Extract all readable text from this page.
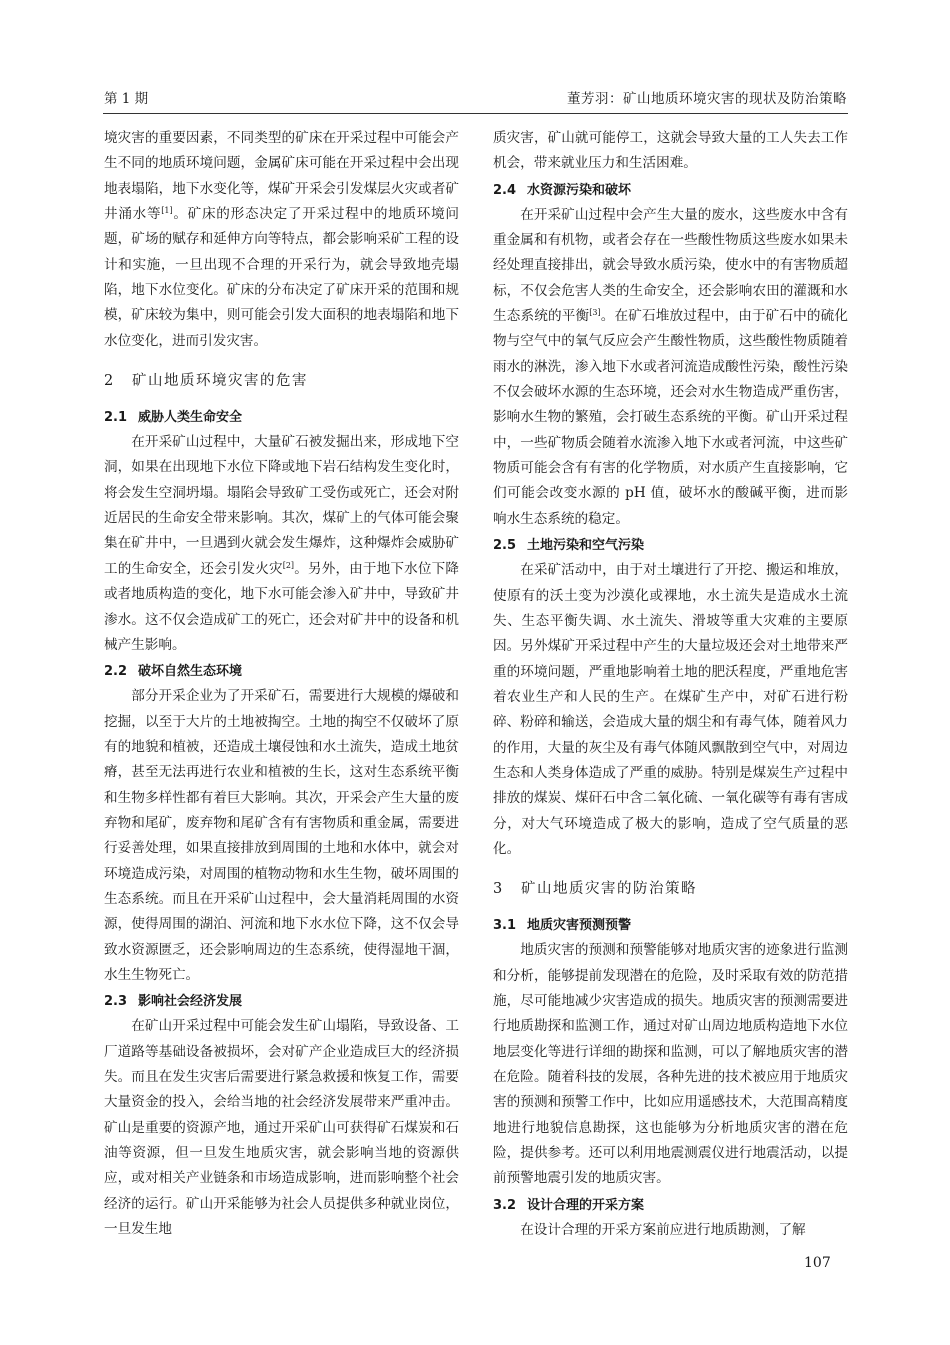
第 1 期	董芳羽：矿山地质环境灾害的现状及防治策略

境灾害的重要因素，不同类型的矿床在开采过程中可能会产生不同的地质环境问题，金属矿床可能在开采过程中会出现地表塌陷，地下水变化等，煤矿开采会引发煤层火灾或者矿井涌水等[1]。矿床的形态决定了开采过程中的地质环境问题，矿场的赋存和延伸方向等特点，都会影响采矿工程的设计和实施，一旦出现不合理的开采行为，就会导致地壳塌陷，地下水位变化。矿床的分布决定了矿床开采的范围和规模，矿床较为集中，则可能会引发大面积的地表塌陷和地下水位变化，进而引发灾害。

2 矿山地质环境灾害的危害
2.1 威胁人类生命安全

在开采矿山过程中，大量矿石被发掘出来，形成地下空洞，如果在出现地下水位下降或地下岩石结构发生变化时，将会发生空洞坍塌。塌陷会导致矿工受伤或死亡，还会对附近居民的生命安全带来影响。其次，煤矿上的气体可能会聚集在矿井中，一旦遇到火就会发生爆炸，这种爆炸会威胁矿工的生命安全，还会引发火灾[2]。另外，由于地下水位下降或者地质构造的变化，地下水可能会渗入矿井中，导致矿井渗水。这不仅会造成矿工的死亡，还会对矿井中的设备和机械产生影响。

2.2 破坏自然生态环境

部分开采企业为了开采矿石，需要进行大规模的爆破和挖掘，以至于大片的土地被掏空。土地的掏空不仅破坏了原有的地貌和植被，还造成土壤侵蚀和水土流失，造成土地贫瘠，甚至无法再进行农业和植被的生长，这对生态系统平衡和生物多样性都有着巨大影响。其次，开采会产生大量的废弃物和尾矿，废弃物和尾矿含有有害物质和重金属，需要进行妥善处理，如果直接排放到周围的土地和水体中，就会对环境造成污染，对周围的植物动物和水生生物，破坏周围的生态系统。而且在开采矿山过程中，会大量消耗周围的水资源，使得周围的湖泊、河流和地下水水位下降，这不仅会导致水资源匮乏，还会影响周边的生态系统，使得湿地干涸，水生生物死亡。

2.3 影响社会经济发展

在矿山开采过程中可能会发生矿山塌陷，导致设备、工厂道路等基础设备被损坏，会对矿产企业造成巨大的经济损失。而且在发生灾害后需要进行紧急救援和恢复工作，需要大量资金的投入，会给当地的社会经济发展带来严重冲击。矿山是重要的资源产地，通过开采矿山可获得矿石煤炭和石油等资源，但一旦发生地质灾害，就会影响当地的资源供应，或对相关产业链条和市场造成影响，进而影响整个社会经济的运行。矿山开采能够为社会人员提供多种就业岗位，一旦发生地

质灾害，矿山就可能停工，这就会导致大量的工人失去工作机会，带来就业压力和生活困难。

2.4 水资源污染和破坏

在开采矿山过程中会产生大量的废水，这些废水中含有重金属和有机物，或者会存在一些酸性物质这些废水如果未经处理直接排出，就会导致水质污染，使水中的有害物质超标，不仅会危害人类的生命安全，还会影响农田的灌溉和水生态系统的平衡[3]。在矿石堆放过程中，由于矿石中的硫化物与空气中的氧气反应会产生酸性物质，这些酸性物质随着雨水的淋洗，渗入地下水或者河流造成酸性污染，酸性污染不仅会破坏水源的生态环境，还会对水生物造成严重伤害，影响水生物的繁殖，会打破生态系统的平衡。矿山开采过程中，一些矿物质会随着水流渗入地下水或者河流，中这些矿物质可能会含有有害的化学物质，对水质产生直接影响，它们可能会改变水源的 pH 值，破坏水的酸碱平衡，进而影响水生态系统的稳定。

2.5 土地污染和空气污染

在采矿活动中，由于对土壤进行了开挖、搬运和堆放，使原有的沃土变为沙漠化或裸地，水土流失是造成水土流失、生态平衡失调、水土流失、滑坡等重大灾难的主要原因。另外煤矿开采过程中产生的大量垃圾还会对土地带来严重的环境问题，严重地影响着土地的肥沃程度，严重地危害着农业生产和人民的生产。在煤矿生产中，对矿石进行粉碎、粉碎和输送，会造成大量的烟尘和有毒气体，随着风力的作用，大量的灰尘及有毒气体随风飘散到空气中，对周边生态和人类身体造成了严重的威胁。特别是煤炭生产过程中排放的煤炭、煤矸石中含二氧化硫、一氧化碳等有毒有害成分，对大气环境造成了极大的影响，造成了空气质量的恶化。

3 矿山地质灾害的防治策略
3.1 地质灾害预测预警

地质灾害的预测和预警能够对地质灾害的迹象进行监测和分析，能够提前发现潜在的危险，及时采取有效的防范措施，尽可能地减少灾害造成的损失。地质灾害的预测需要进行地质勘探和监测工作，通过对矿山周边地质构造地下水位地层变化等进行详细的勘探和监测，可以了解地质灾害的潜在危险。随着科技的发展，各种先进的技术被应用于地质灾害的预测和预警工作中，比如应用遥感技术，大范围高精度地进行地貌信息勘探，这也能够为分析地质灾害的潜在危险，提供参考。还可以利用地震测震仪进行地震活动，以提前预警地震引发的地质灾害。

3.2 设计合理的开采方案

在设计合理的开采方案前应进行地质勘测，了解

107
